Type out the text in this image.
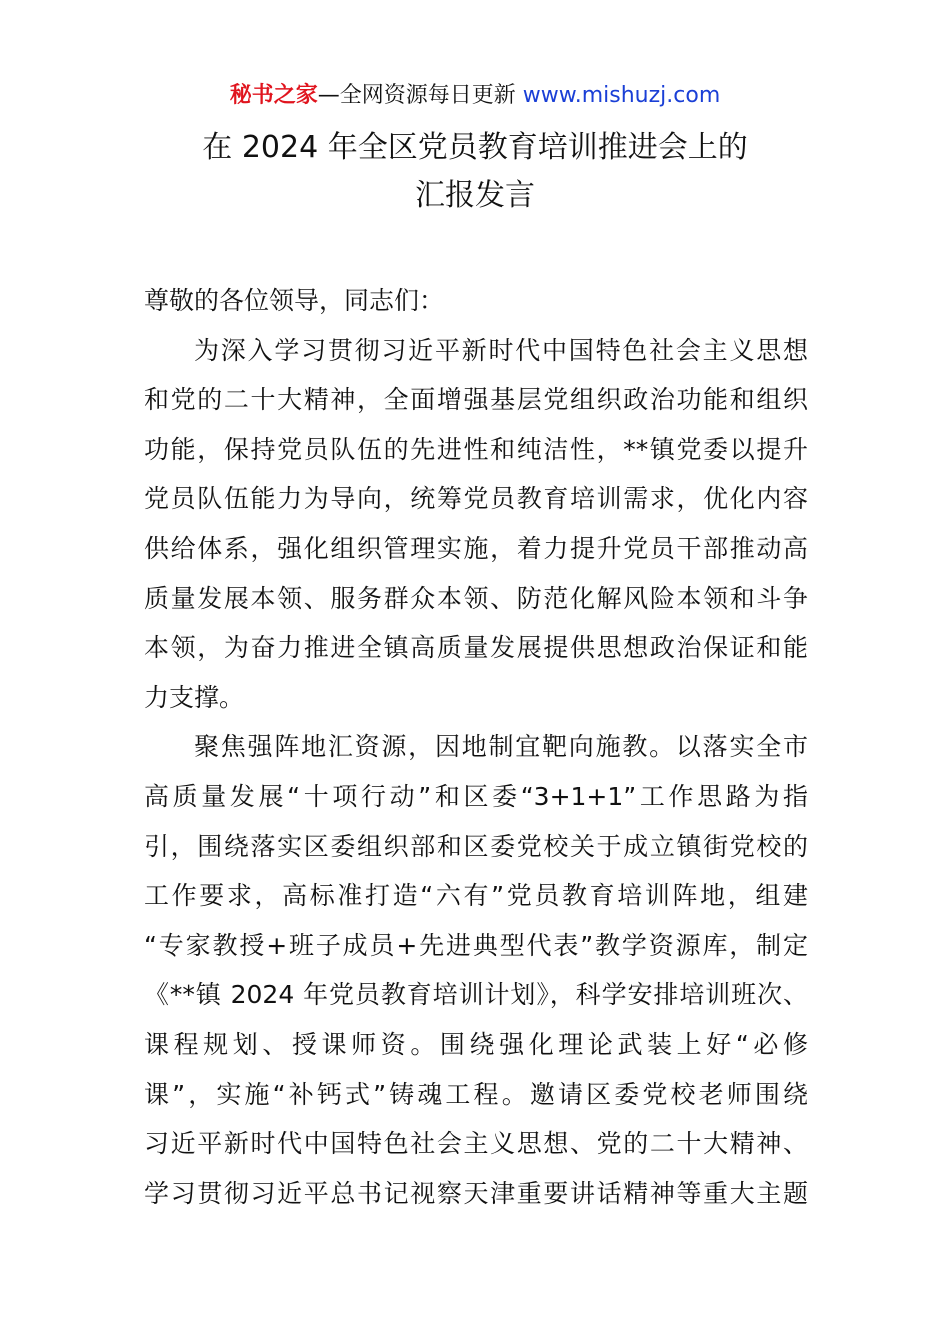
秘书之家—全网资源每日更新 www.mishuzj.com
在 2024 年全区党员教育培训推进会上的
汇报发言
尊敬的各位领导，同志们：
为深入学习贯彻习近平新时代中国特色社会主义思想
和党的二十大精神，全面增强基层党组织政治功能和组织
功能，保持党员队伍的先进性和纯洁性，**镇党委以提升
党员队伍能力为导向，统筹党员教育培训需求，优化内容
供给体系，强化组织管理实施，着力提升党员干部推动高
质量发展本领、服务群众本领、防范化解风险本领和斗争
本领，为奋力推进全镇高质量发展提供思想政治保证和能
力支撑。
聚焦强阵地汇资源，因地制宜靶向施教。以落实全市
高质量发展“十项行动”和区委“3+1+1”工作思路为指
引，围绕落实区委组织部和区委党校关于成立镇街党校的
工作要求，高标准打造“六有”党员教育培训阵地，组建
“专家教授+班子成员+先进典型代表”教学资源库，制定
《**镇 2024 年党员教育培训计划》，科学安排培训班次、
课程规划、授课师资。围绕强化理论武装上好“必修
课”，实施“补钙式”铸魂工程。邀请区委党校老师围绕
习近平新时代中国特色社会主义思想、党的二十大精神、
学习贯彻习近平总书记视察天津重要讲话精神等重大主题
